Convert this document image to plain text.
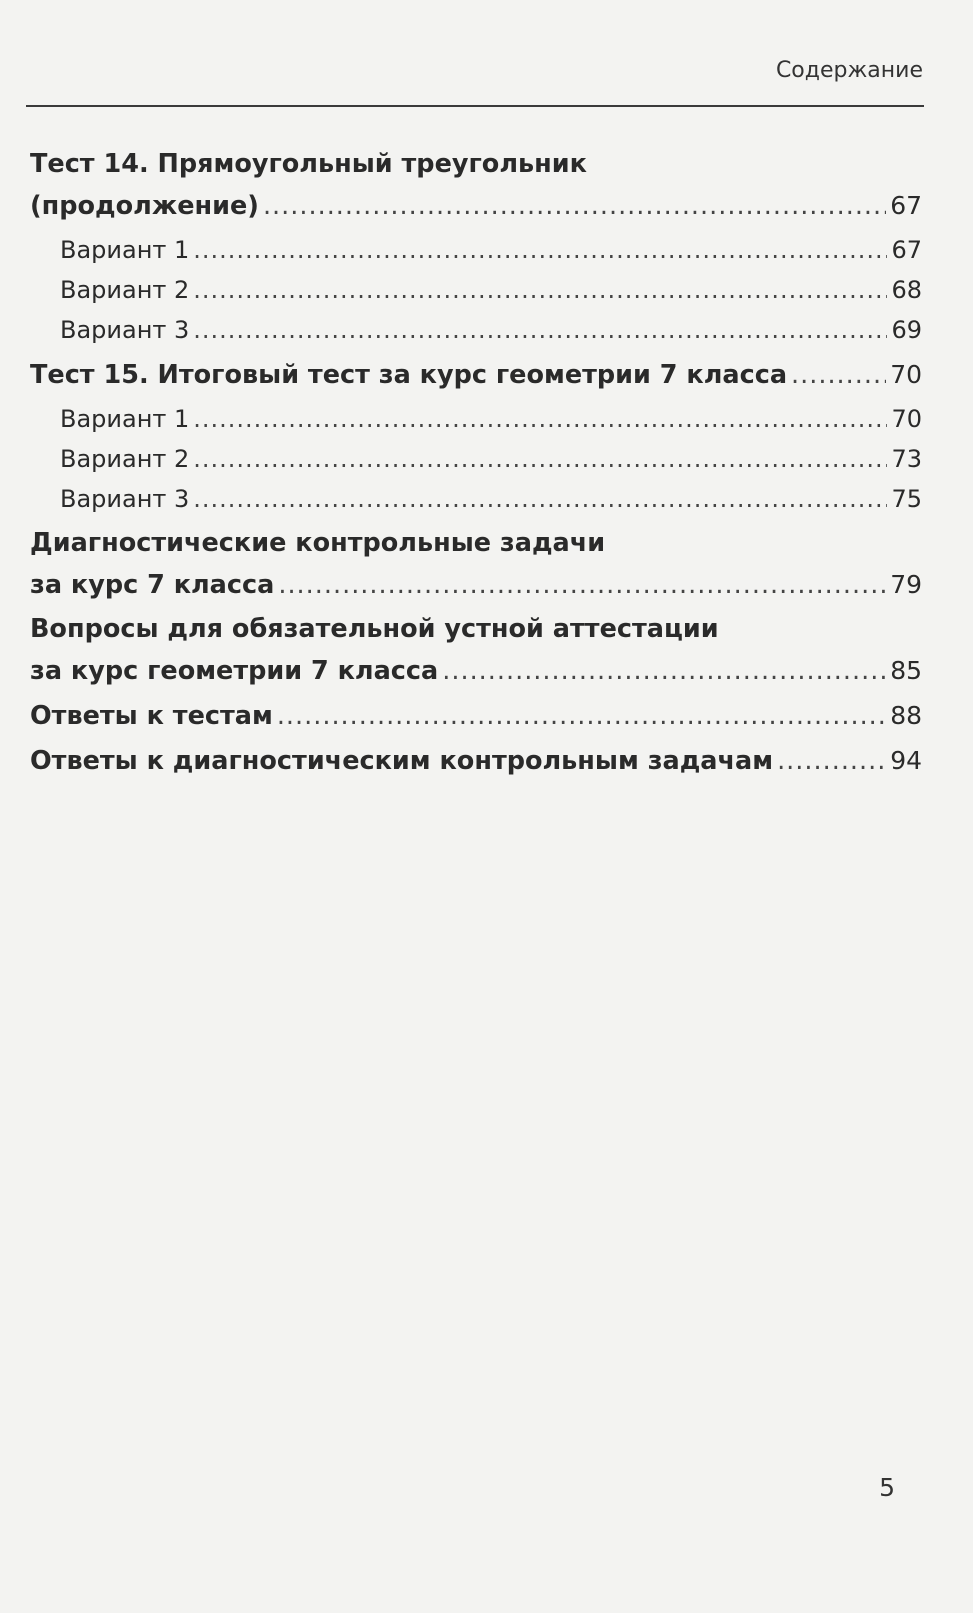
Содержание
Тест 14. Прямоугольный треугольник
(продолжение) .....	67
Вариант 1 .....	67
Вариант 2 .....	68
Вариант 3 .....	69
Тест 15. Итоговый тест за курс геометрии 7 класса .....	70
Вариант 1 .....	70
Вариант 2 .....	73
Вариант 3 .....	75
Диагностические контрольные задачи
за курс 7 класса .....	79
Вопросы для обязательной устной аттестации
за курс геометрии 7 класса .....	85
Ответы к тестам .....	88
Ответы к диагностическим контрольным задачам .....	94
5
